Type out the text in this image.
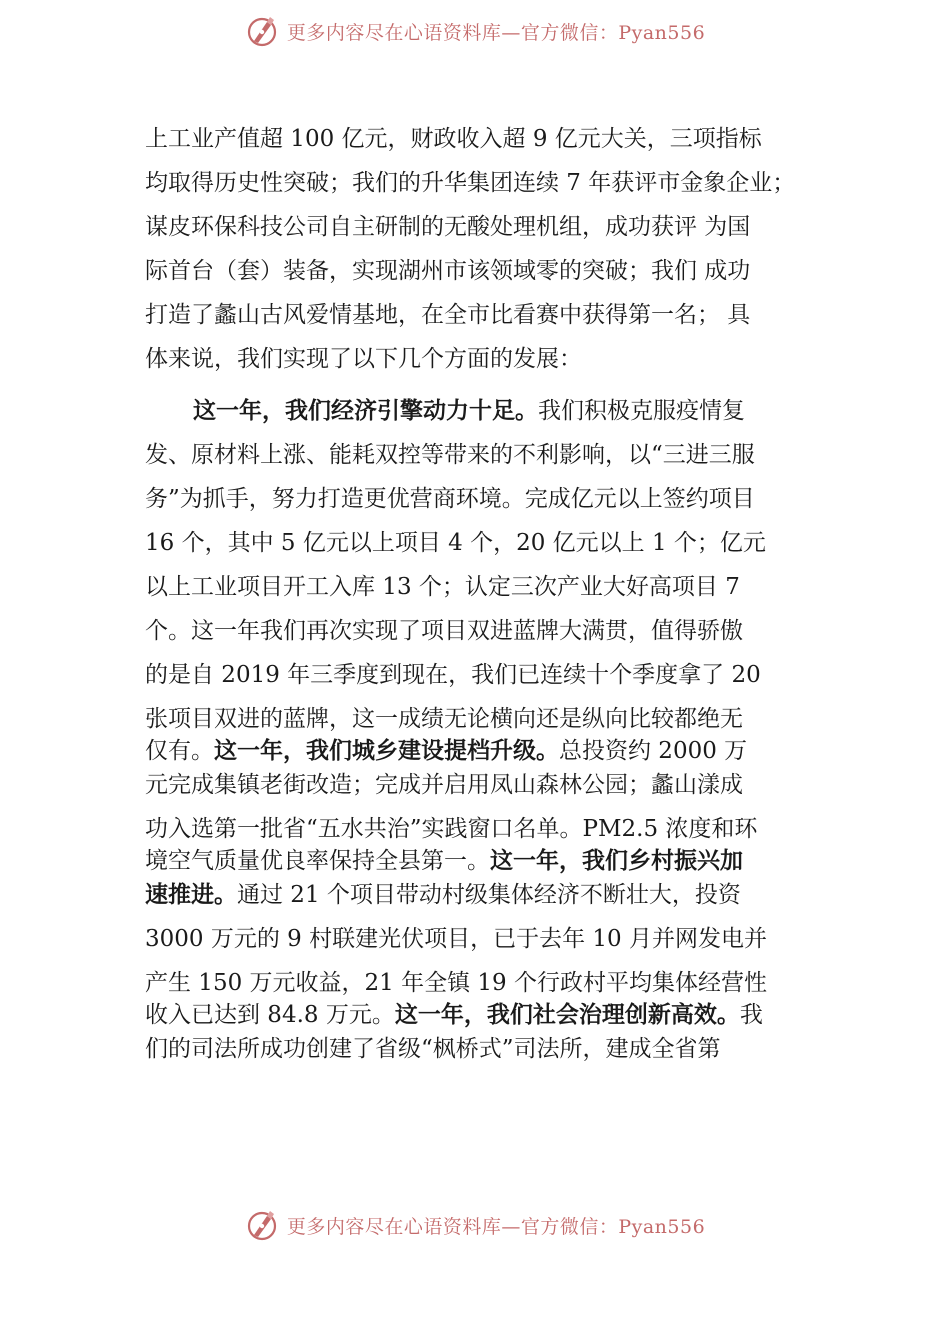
更多内容尽在心语资料库—官方微信：Pyan556
上工业产值超 100 亿元，财政收入超 9 亿元大关，三项指标
均取得历史性突破；我们的升华集团连续 7 年获评市金象企业；
谋皮环保科技公司自主研制的无酸处理机组，成功获评 为国
际首台（套）装备，实现湖州市该领域零的突破；我们 成功
打造了蠡山古风爱情基地，在全市比看赛中获得第一名； 具
体来说，我们实现了以下几个方面的发展：
这一年，我们经济引擎动力十足。我们积极克服疫情复
发、原材料上涨、能耗双控等带来的不利影响，以“三进三服
务”为抓手，努力打造更优营商环境。完成亿元以上签约项目
16 个，其中 5 亿元以上项目 4 个，20 亿元以上 1 个；亿元
以上工业项目开工入库 13 个；认定三次产业大好高项目 7
个。这一年我们再次实现了项目双进蓝牌大满贯，值得骄傲
的是自 2019 年三季度到现在，我们已连续十个季度拿了 20
张项目双进的蓝牌，这一成绩无论横向还是纵向比较都绝无
仅有。这一年，我们城乡建设提档升级。总投资约 2000 万
元完成集镇老街改造；完成并启用凤山森林公园；蠡山漾成
功入选第一批省“五水共治”实践窗口名单。PM2.5 浓度和环
境空气质量优良率保持全县第一。这一年，我们乡村振兴加
速推进。通过 21 个项目带动村级集体经济不断壮大，投资
3000 万元的 9 村联建光伏项目，已于去年 10 月并网发电并
产生 150 万元收益，21 年全镇 19 个行政村平均集体经营性
收入已达到 84.8 万元。这一年，我们社会治理创新高效。我
们的司法所成功创建了省级“枫桥式”司法所，建成全省第
更多内容尽在心语资料库—官方微信：Pyan556
